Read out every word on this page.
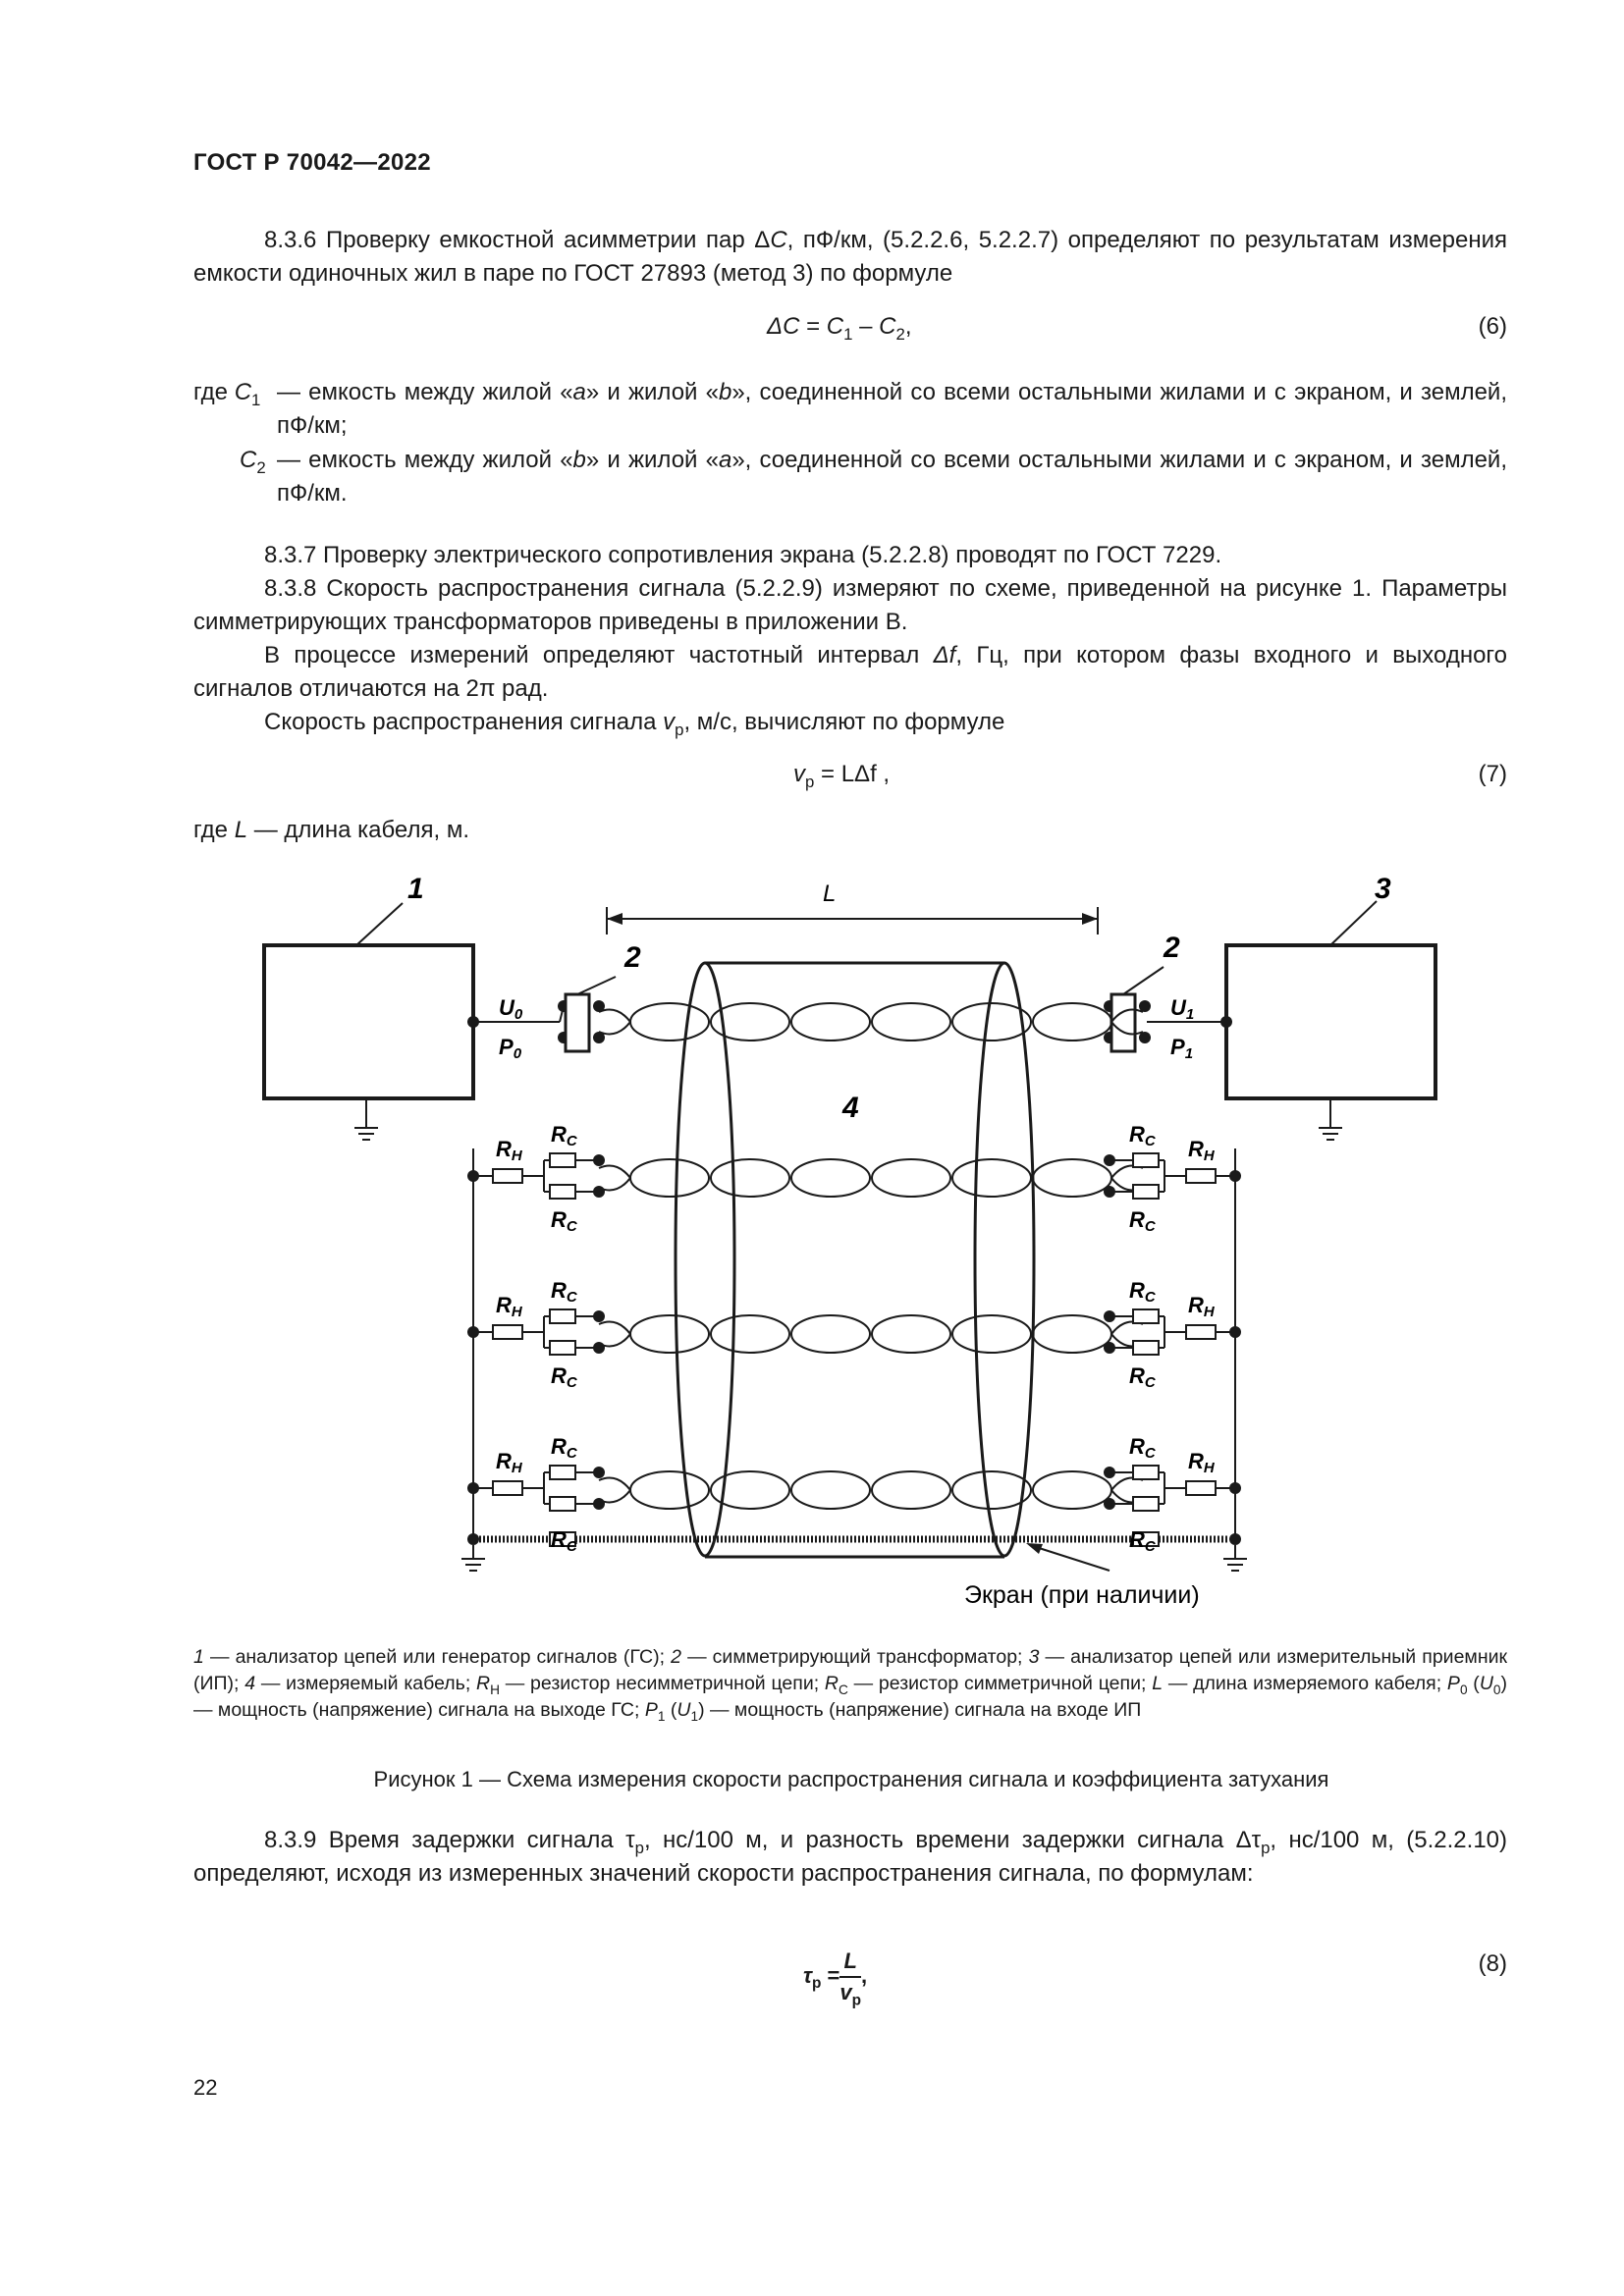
ГОСТ Р 70042—2022
8.3.6 Проверку емкостной асимметрии пар ΔC, пФ/км, (5.2.2.6, 5.2.2.7) определяют по результатам измерения емкости одиночных жил в паре по ГОСТ 27893 (метод 3) по формуле
$\Delta C = C_1 - C_2$,	(6)
где $C_1$ — емкость между жилой «a» и жилой «b», соединенной со всеми остальными жилами и с экраном, и землей, пФ/км;
$C_2$ — емкость между жилой «b» и жилой «a», соединенной со всеми остальными жилами и с экраном, и землей, пФ/км.
8.3.7 Проверку электрического сопротивления экрана (5.2.2.8) проводят по ГОСТ 7229.
8.3.8 Скорость распространения сигнала (5.2.2.9) измеряют по схеме, приведенной на рисунке 1. Параметры симметрирующих трансформаторов приведены в приложении В.
В процессе измерений определяют частотный интервал Δf, Гц, при котором фазы входного и выходного сигналов отличаются на 2π рад.
Скорость распространения сигнала $v_р$, м/с, вычисляют по формуле
$v_р = L\Delta f$ ,	(7)
где L — длина кабеля, м.
1
U0
P0
2
3
U1
P1
2
L
4
Экран (при наличии)
RН
RС
RС
RН
RС
RС
RН
RС
RС
RН
RС
RС
RН
RС
RС
RН
RС
RС
1 — анализатор цепей или генератор сигналов (ГС); 2 — симметрирующий трансформатор; 3 — анализатор цепей или измерительный приемник (ИП); 4 — измеряемый кабель; $R_Н$ — резистор несимметричной цепи; $R_С$ — резистор симметричной цепи; L — длина измеряемого кабеля; $P_0$ $(U_0)$ — мощность (напряжение) сигнала на выходе ГС; $P_1$ $(U_1)$ — мощность (напряжение) сигнала на входе ИП
Рисунок 1 — Схема измерения скорости распространения сигнала и коэффициента затухания
8.3.9 Время задержки сигнала $\tau_р$, нс/100 м, и разность времени задержки сигнала $\Delta\tau_р$, нс/100 м, (5.2.2.10) определяют, исходя из измеренных значений скорости распространения сигнала, по формулам:
$\tau_р = \frac{L}{v_р}$ ,	(8)
22
